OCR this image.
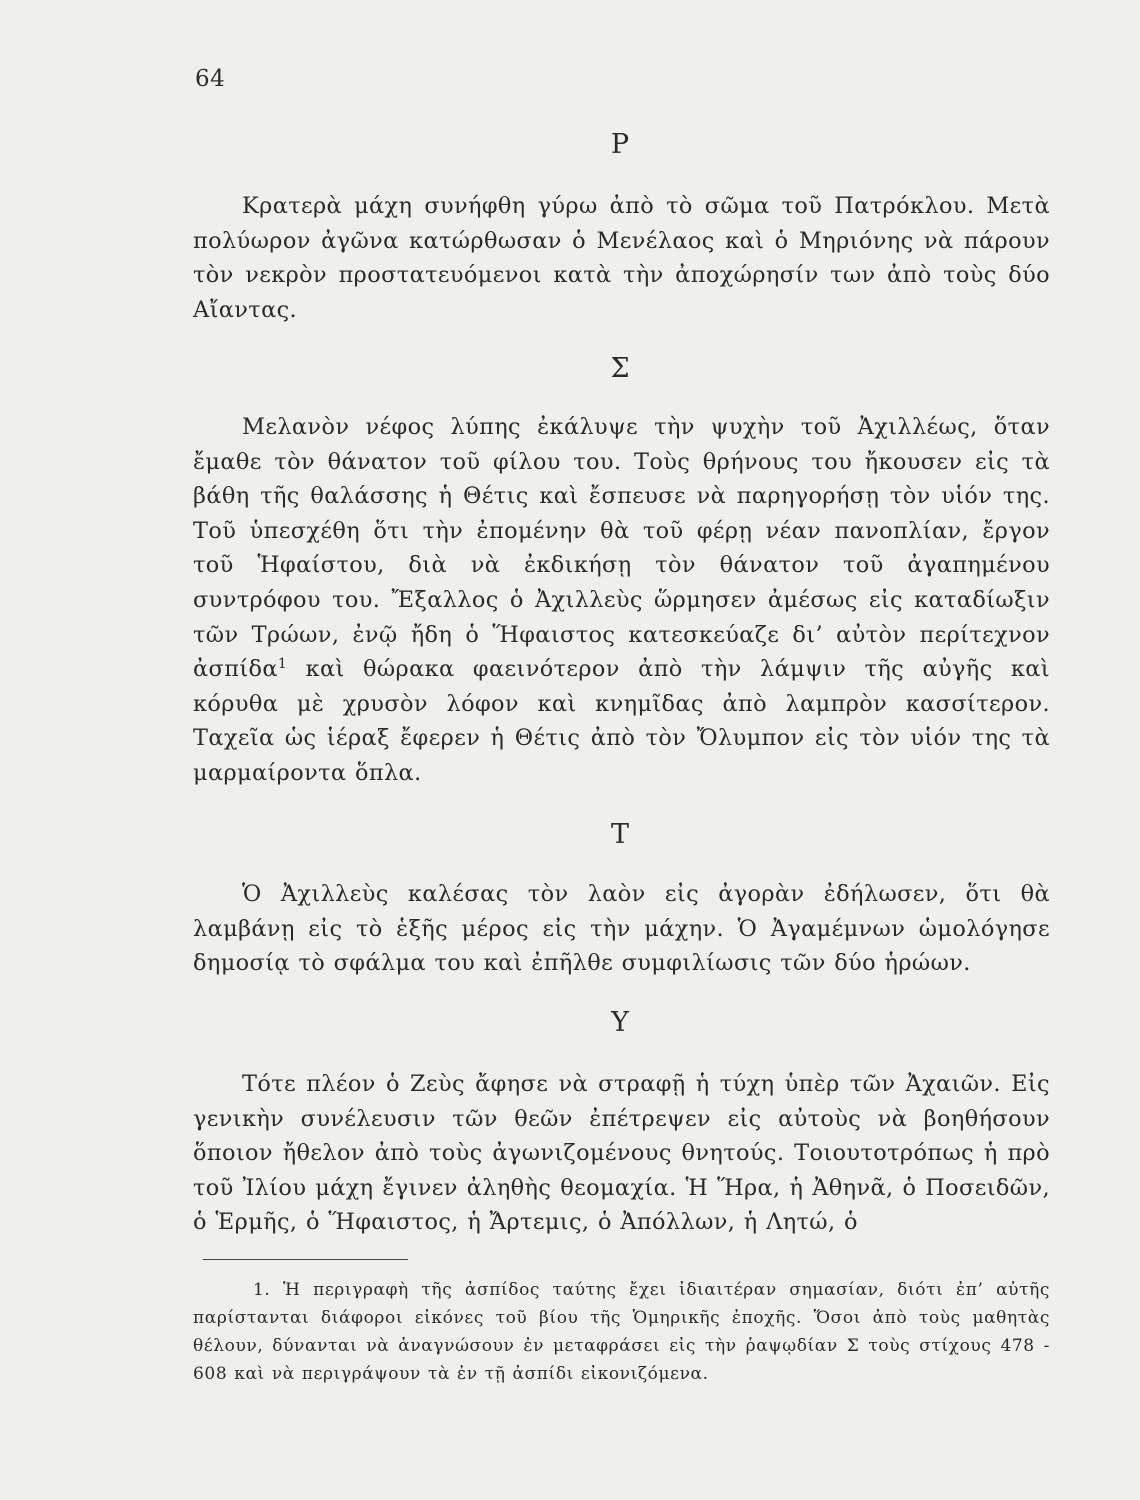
64
Ρ

Κρατερὰ μάχη συνήφθη γύρω ἀπὸ τὸ σῶμα τοῦ Πατρόκλου. Μετὰ πολύωρον ἀγῶνα κατώρθωσαν ὁ Μενέλαος καὶ ὁ Μηριόνης νὰ πάρουν τὸν νεκρὸν προστατευόμενοι κατὰ τὴν ἀποχώρησίν των ἀπὸ τοὺς δύο Αἴαντας.

Σ

Μελανὸν νέφος λύπης ἐκάλυψε τὴν ψυχὴν τοῦ Ἀχιλλέως, ὅταν ἔμαθε τὸν θάνατον τοῦ φίλου του. Τοὺς θρήνους του ἤκουσεν εἰς τὰ βάθη τῆς θαλάσσης ἡ Θέτις καὶ ἔσπευσε νὰ παρηγορήσῃ τὸν υἱόν της. Τοῦ ὑπεσχέθη ὅτι τὴν ἐπομένην θὰ τοῦ φέρῃ νέαν πανοπλίαν, ἔργον τοῦ Ἡφαίστου, διὰ νὰ ἐκδικήσῃ τὸν θάνατον τοῦ ἀγαπημένου συντρόφου του. Ἔξαλλος ὁ Ἀχιλλεὺς ὥρμησεν ἀμέσως εἰς καταδίωξιν τῶν Τρώων, ἐνῷ ἤδη ὁ Ἥφαιστος κατεσκεύαζε δι’ αὐτὸν περίτεχνον ἀσπίδα$^1$ καὶ θώρακα φαεινότερον ἀπὸ τὴν λάμψιν τῆς αὐγῆς καὶ κόρυθα μὲ χρυσὸν λόφον καὶ κνημῖδας ἀπὸ λαμπρὸν κασσίτερον. Ταχεῖα ὡς ἱέραξ ἔφερεν ἡ Θέτις ἀπὸ τὸν Ὄλυμπον εἰς τὸν υἱόν της τὰ μαρμαίροντα ὅπλα.

Τ

Ὁ Ἀχιλλεὺς καλέσας τὸν λαὸν εἰς ἀγορὰν ἐδήλωσεν, ὅτι θὰ λαμβάνῃ εἰς τὸ ἑξῆς μέρος εἰς τὴν μάχην. Ὁ Ἀγαμέμνων ὡμολόγησε δημοσίᾳ τὸ σφάλμα του καὶ ἐπῆλθε συμφιλίωσις τῶν δύο ἡρώων.

Υ

Τότε πλέον ὁ Ζεὺς ἄφησε νὰ στραφῇ ἡ τύχη ὑπὲρ τῶν Ἀχαιῶν. Εἰς γενικὴν συνέλευσιν τῶν θεῶν ἐπέτρεψεν εἰς αὐτοὺς νὰ βοηθήσουν ὅποιον ἤθελον ἀπὸ τοὺς ἀγωνιζομένους θνητούς. Τοιουτοτρόπως ἡ πρὸ τοῦ Ἰλίου μάχη ἔγινεν ἀληθὴς θεομαχία. Ἡ Ἥρα, ἡ Ἀθηνᾶ, ὁ Ποσειδῶν, ὁ Ἑρμῆς, ὁ Ἥφαιστος, ἡ Ἄρτεμις, ὁ Ἀπόλλων, ἡ Λητώ, ὁ

1. Ἡ περιγραφὴ τῆς ἀσπίδος ταύτης ἔχει ἰδιαιτέραν σημασίαν, διότι ἐπ’ αὐτῆς παρίστανται διάφοροι εἰκόνες τοῦ βίου τῆς Ὁμηρικῆς ἐποχῆς. Ὅσοι ἀπὸ τοὺς μαθητὰς θέλουν, δύνανται νὰ ἀναγνώσουν ἐν μεταφράσει εἰς τὴν ῥαψῳδίαν Σ τοὺς στίχους 478 - 608 καὶ νὰ περιγράψουν τὰ ἐν τῇ ἀσπίδι εἰκονιζόμενα.
